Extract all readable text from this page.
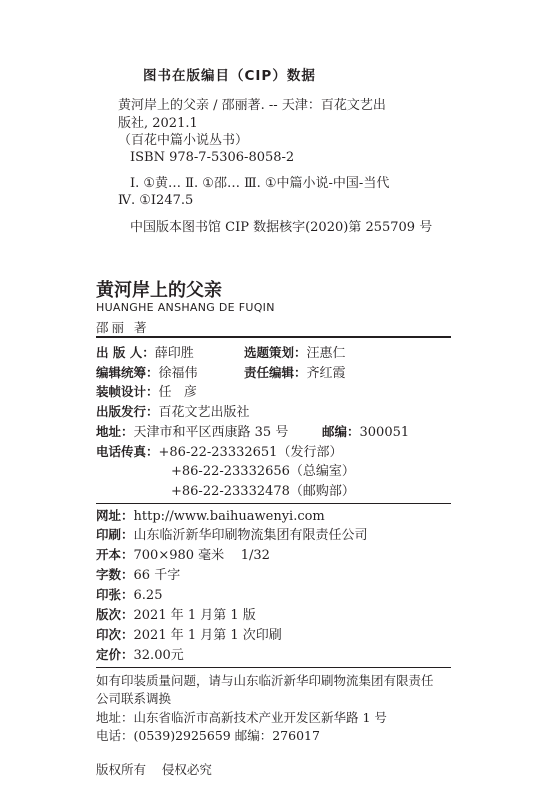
图书在版编目（CIP）数据
黄河岸上的父亲 / 邵丽著. -- 天津：百花文艺出
版社, 2021.1
（百花中篇小说丛书）
ISBN 978-7-5306-8058-2
Ⅰ. ①黄… Ⅱ. ①邵… Ⅲ. ①中篇小说-中国-当代
Ⅳ. ①I247.5
中国版本图书馆 CIP 数据核字(2020)第 255709 号
黄河岸上的父亲
HUANGHE ANSHANG DE FUQIN
邵丽 著
出 版 人：薛印胜	选题策划：汪惠仁
编辑统筹：徐福伟	责任编辑：齐红霞
装帧设计：任   彦
出版发行：百花文艺出版社
地址：天津市和平区西康路 35 号	邮编：300051
电话传真：+86-22-23332651（发行部）
+86-22-23332656（总编室）
+86-22-23332478（邮购部）
网址：http://www.baihuawenyi.com
印刷：山东临沂新华印刷物流集团有限责任公司
开本：700×980 毫米    1/32
字数：66 千字
印张：6.25
版次：2021 年 1 月第 1 版
印次：2021 年 1 月第 1 次印刷
定价：32.00元
如有印装质量问题，请与山东临沂新华印刷物流集团有限责任
公司联系调换
地址：山东省临沂市高新技术产业开发区新华路 1 号
电话：(0539)2925659 邮编：276017
版权所有    侵权必究
